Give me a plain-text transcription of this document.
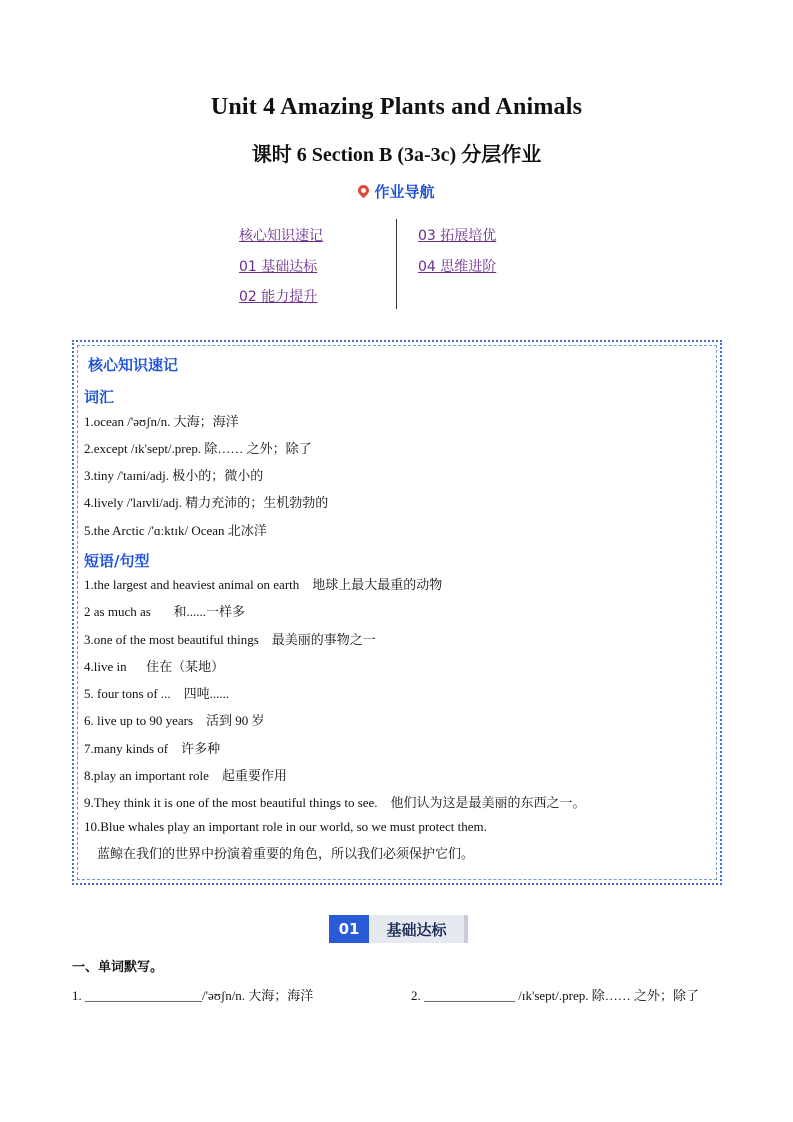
Unit 4 Amazing Plants and Animals
课时 6 Section B (3a-3c) 分层作业
作业导航
核心知识速记
01 基础达标
02 能力提升
03 拓展培优
04 思维进阶
核心知识速记
词汇
1.ocean /'əʊʃn/n. 大海；海洋
2.except /ɪk'sept/.prep. 除…… 之外；除了
3.tiny /'taɪni/adj. 极小的；微小的
4.lively /'laɪvli/adj. 精力充沛的；生机勃勃的
5.the Arctic /'ɑːktɪk/ Ocean 北冰洋
短语/句型
1.the largest and heaviest animal on earth    地球上最大最重的动物
2 as much as       和......一样多
3.one of the most beautiful things    最美丽的事物之一
4.live in      住在（某地）
5. four tons of ...    四吨......
6. live up to 90 years    活到 90 岁
7.many kinds of    许多种
8.play an important role    起重要作用
9.They think it is one of the most beautiful things to see.    他们认为这是最美丽的东西之一。
10.Blue whales play an important role in our world, so we must protect them.
蓝鲸在我们的世界中扮演着重要的角色，所以我们必须保护它们。
01	基础达标
一、单词默写。
1. __________________/'əʊʃn/n. 大海；海洋	2. ______________ /ɪk'sept/.prep. 除…… 之外；除了
